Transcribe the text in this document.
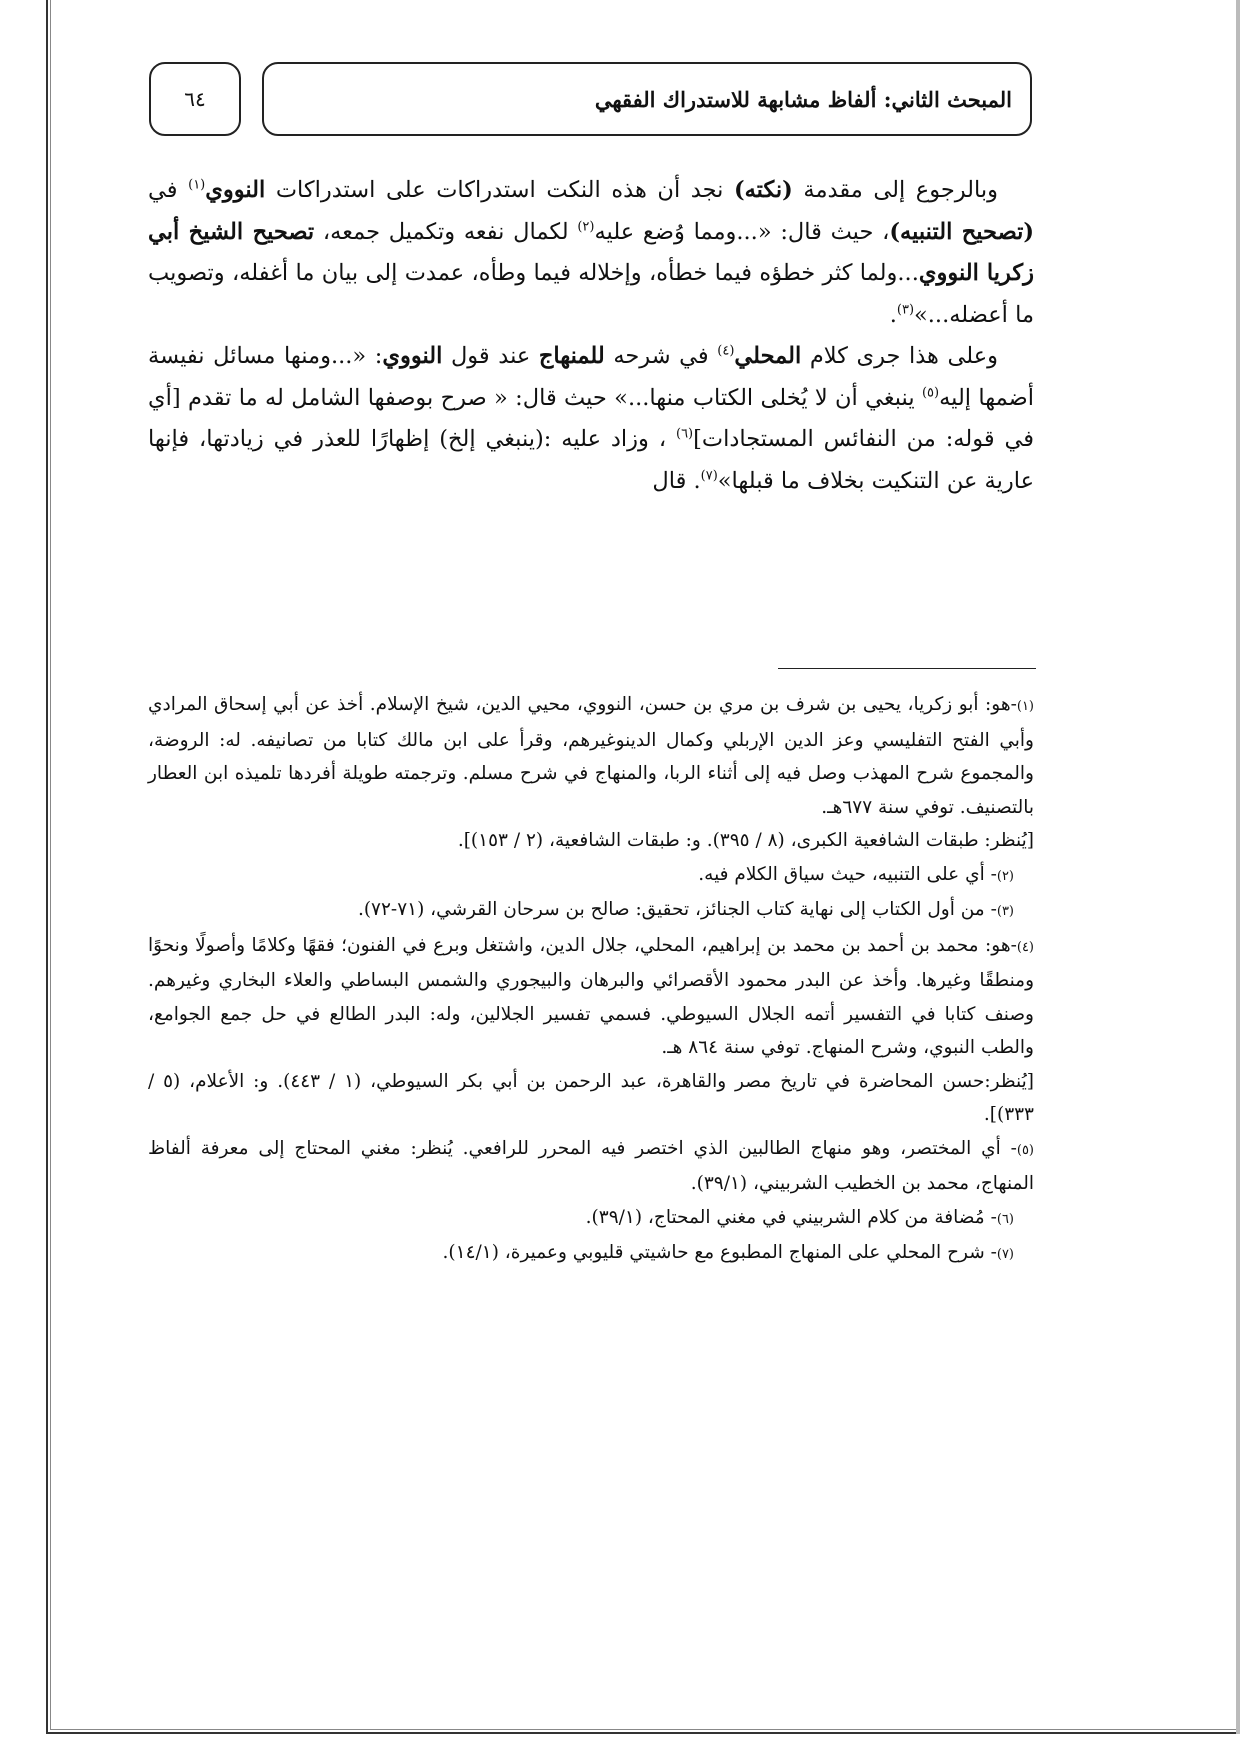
٦٤	المبحث الثاني: ألفاظ مشابهة للاستدراك الفقهي

وبالرجوع إلى مقدمة (نكته) نجد أن هذه النكت استدراكات على استدراكات النووي$^{(١)}$ في (تصحيح التنبيه)، حيث قال: «...ومما وُضع عليه$^{(٢)}$ لكمال نفعه وتكميل جمعه، تصحيح الشيخ أبي زكريا النووي...ولما كثر خطؤه فيما خطأه، وإخلاله فيما وطأه، عمدت إلى بيان ما أغفله، وتصويب ما أعضله...»$^{(٣)}$.

وعلى هذا جرى كلام المحلي$^{(٤)}$ في شرحه للمنهاج عند قول النووي: «...ومنها مسائل نفيسة أضمها إليه$^{(٥)}$ ينبغي أن لا يُخلى الكتاب منها...» حيث قال: « صرح بوصفها الشامل له ما تقدم [أي في قوله: من النفائس المستجادات]$^{(٦)}$ ، وزاد عليه :(ينبغي إلخ) إظهارًا للعذر في زيادتها، فإنها عارية عن التنكيت بخلاف ما قبلها»$^{(٧)}$. قال

(١)-هو: أبو زكريا، يحيى بن شرف بن مري بن حسن، النووي، محيي الدين، شيخ الإسلام. أخذ عن أبي إسحاق المرادي وأبي الفتح التفليسي وعز الدين الإربلي وكمال الدينوغيرهم، وقرأ على ابن مالك كتابا من تصانيفه. له: الروضة، والمجموع شرح المهذب وصل فيه إلى أثناء الربا، والمنهاج في شرح مسلم. وترجمته طويلة أفردها تلميذه ابن العطار بالتصنيف. توفي سنة ٦٧٧هـ.

[يُنظر: طبقات الشافعية الكبرى، (٨ / ٣٩٥). و: طبقات الشافعية، (٢ / ١٥٣)].

(٢)- أي على التنبيه، حيث سياق الكلام فيه.

(٣)- من أول الكتاب إلى نهاية كتاب الجنائز، تحقيق: صالح بن سرحان القرشي، (٧١-٧٢).

(٤)-هو: محمد بن أحمد بن محمد بن إبراهيم، المحلي، جلال الدين، واشتغل وبرع في الفنون؛ فقهًا وكلامًا وأصولًا ونحوًا ومنطقًا وغيرها. وأخذ عن البدر محمود الأقصرائي والبرهان والبيجوري والشمس البساطي والعلاء البخاري وغيرهم. وصنف كتابا في التفسير أتمه الجلال السيوطي. فسمي تفسير الجلالين، وله: البدر الطالع في حل جمع الجوامع، والطب النبوي، وشرح المنهاج. توفي سنة ٨٦٤ هـ.

[يُنظر:حسن المحاضرة في تاريخ مصر والقاهرة، عبد الرحمن بن أبي بكر السيوطي، (١ / ٤٤٣). و: الأعلام، (٥ / ٣٣٣)].

(٥)- أي المختصر، وهو منهاج الطالبين الذي اختصر فيه المحرر للرافعي. يُنظر: مغني المحتاج إلى معرفة ألفاظ المنهاج، محمد بن الخطيب الشربيني، (٣٩/١).

(٦)- مُضافة من كلام الشربيني في مغني المحتاج، (٣٩/١).

(٧)- شرح المحلي على المنهاج المطبوع مع حاشيتي قليوبي وعميرة، (١٤/١).
